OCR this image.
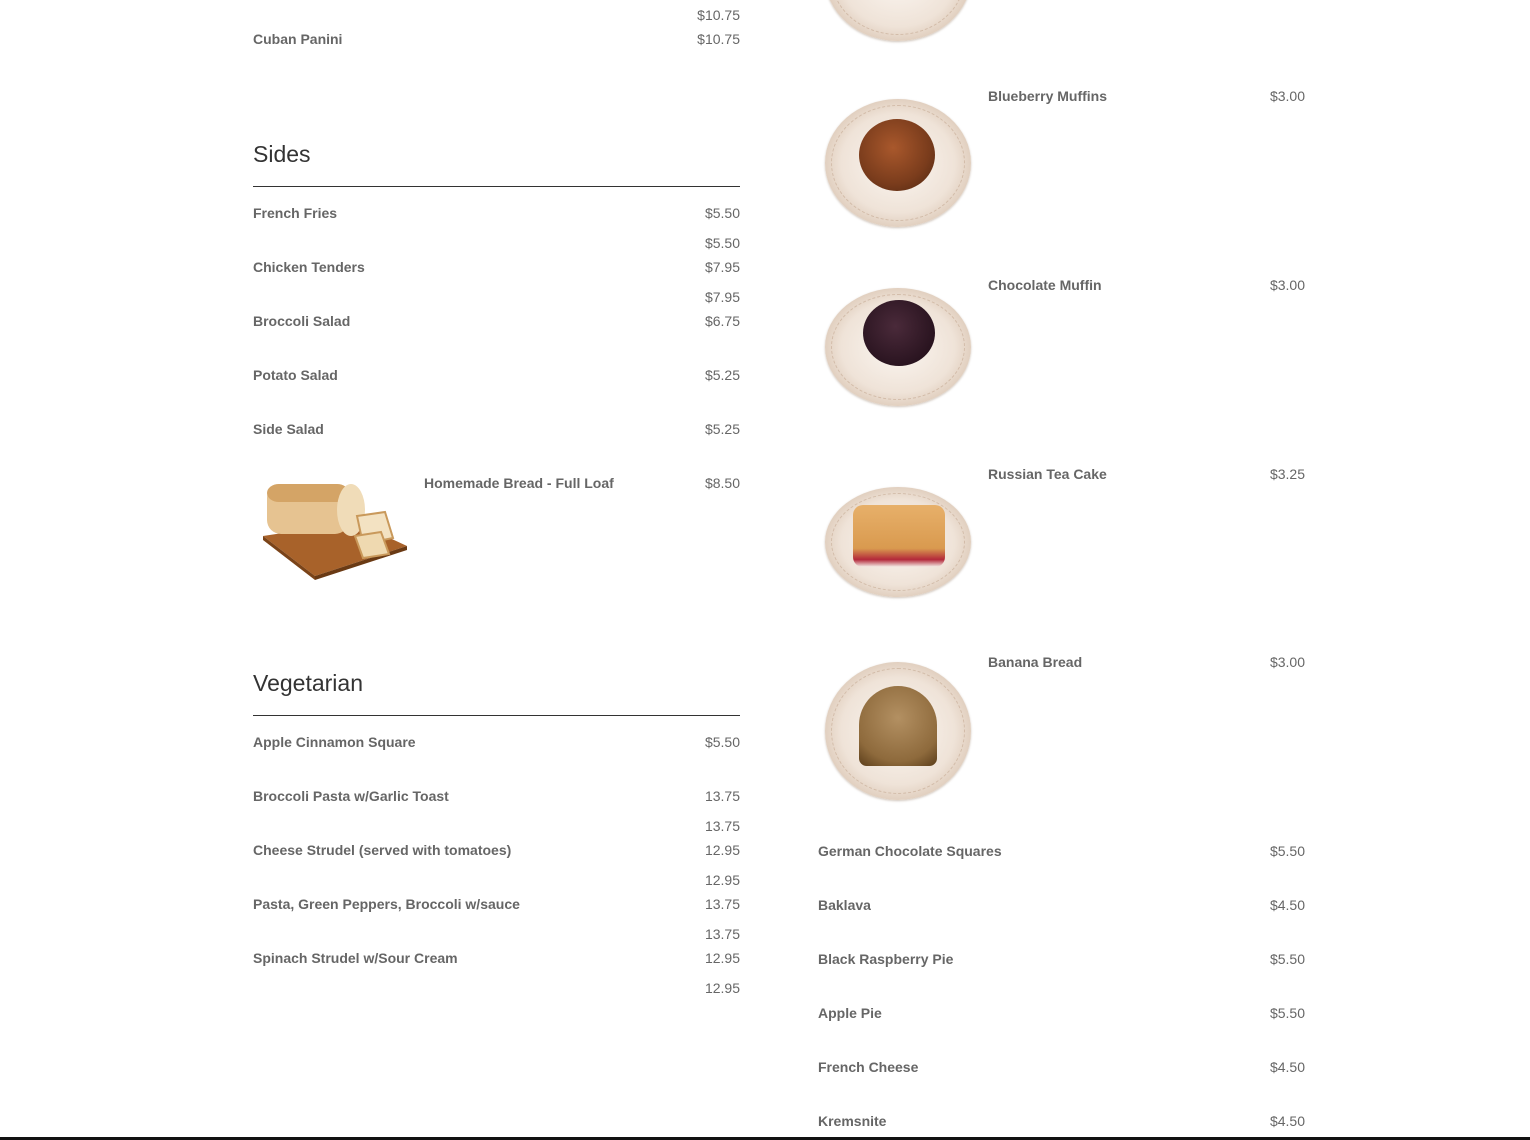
$10.75
Cuban Panini	$10.75
Sides
French Fries	$5.50
$5.50
Chicken Tenders	$7.95
$7.95
Broccoli Salad	$6.75
Potato Salad	$5.25
Side Salad	$5.25
Homemade Bread - Full Loaf	$8.50
Vegetarian
Apple Cinnamon Square	$5.50
Broccoli Pasta w/Garlic Toast	13.75
13.75
Cheese Strudel (served with tomatoes)	12.95
12.95
Pasta, Green Peppers, Broccoli w/sauce	13.75
13.75
Spinach Strudel w/Sour Cream	12.95
12.95
Blueberry Muffins	$3.00
Chocolate Muffin	$3.00
Russian Tea Cake	$3.25
Banana Bread	$3.00
German Chocolate Squares	$5.50
Baklava	$4.50
Black Raspberry Pie	$5.50
Apple Pie	$5.50
French Cheese	$4.50
Kremsnite	$4.50
